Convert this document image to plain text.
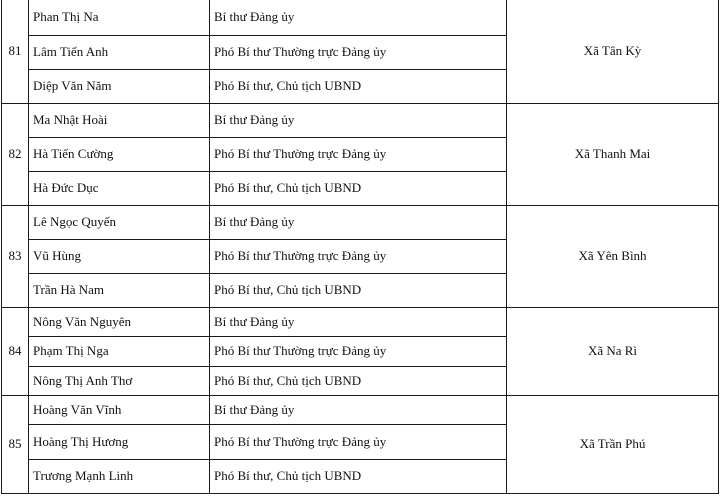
81	Phan Thị Na	Bí thư Đảng ủy	Xã Tân Kỳ
	Lâm Tiến Anh	Phó Bí thư Thường trực Đảng ủy	
	Diệp Văn Năm	Phó Bí thư, Chủ tịch UBND	
82	Ma Nhật Hoài	Bí thư Đảng ủy	Xã Thanh Mai
	Hà Tiến Cường	Phó Bí thư Thường trực Đảng ủy	
	Hà Đức Dục	Phó Bí thư, Chủ tịch UBND	
83	Lê Ngọc Quyến	Bí thư Đảng ủy	Xã Yên Bình
	Vũ Hùng	Phó Bí thư Thường trực Đảng ủy	
	Trần Hà Nam	Phó Bí thư, Chủ tịch UBND	
84	Nông Văn Nguyên	Bí thư Đảng ủy	Xã Na Rì
	Phạm Thị Nga	Phó Bí thư Thường trực Đảng ủy	
	Nông Thị Anh Thơ	Phó Bí thư, Chủ tịch UBND	
85	Hoàng Văn Vĩnh	Bí thư Đảng ủy	Xã Trần Phú
	Hoàng Thị Hương	Phó Bí thư Thường trực Đảng ủy	
	Trương Mạnh Linh	Phó Bí thư, Chủ tịch UBND	
